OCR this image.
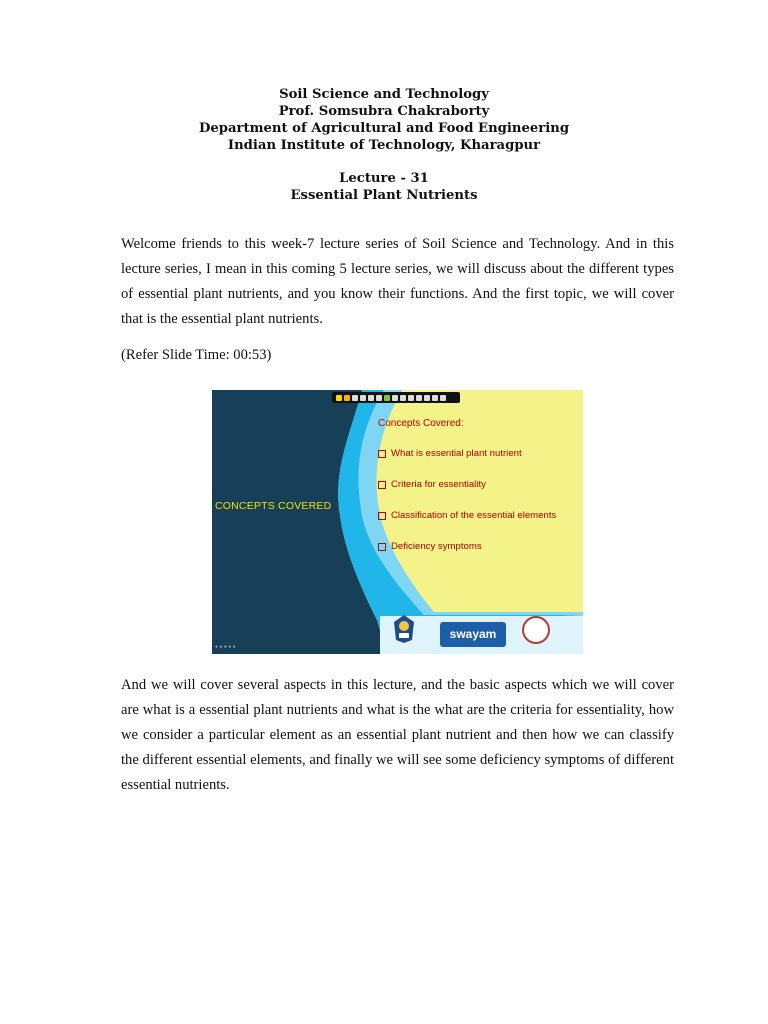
Soil Science and Technology
Prof. Somsubra Chakraborty
Department of Agricultural and Food Engineering
Indian Institute of Technology, Kharagpur
Lecture - 31
Essential Plant Nutrients

Welcome friends to this week-7 lecture series of Soil Science and Technology. And in this lecture series, I mean in this coming 5 lecture series, we will discuss about the different types of essential plant nutrients, and you know their functions. And the first topic, we will cover that is the essential plant nutrients.

(Refer Slide Time: 00:53)
CONCEPTS COVERED
Concepts Covered:
What is essential plant nutrient
Criteria for essentiality
Classification of the essential elements
Deficiency symptoms
swayam
● ● ● ● ●

And we will cover several aspects in this lecture, and the basic aspects which we will cover are what is a essential plant nutrients and what is the what are the criteria for essentiality, how we consider a particular element as an essential plant nutrient and then how we can classify the different essential elements, and finally we will see some deficiency symptoms of different essential nutrients.
